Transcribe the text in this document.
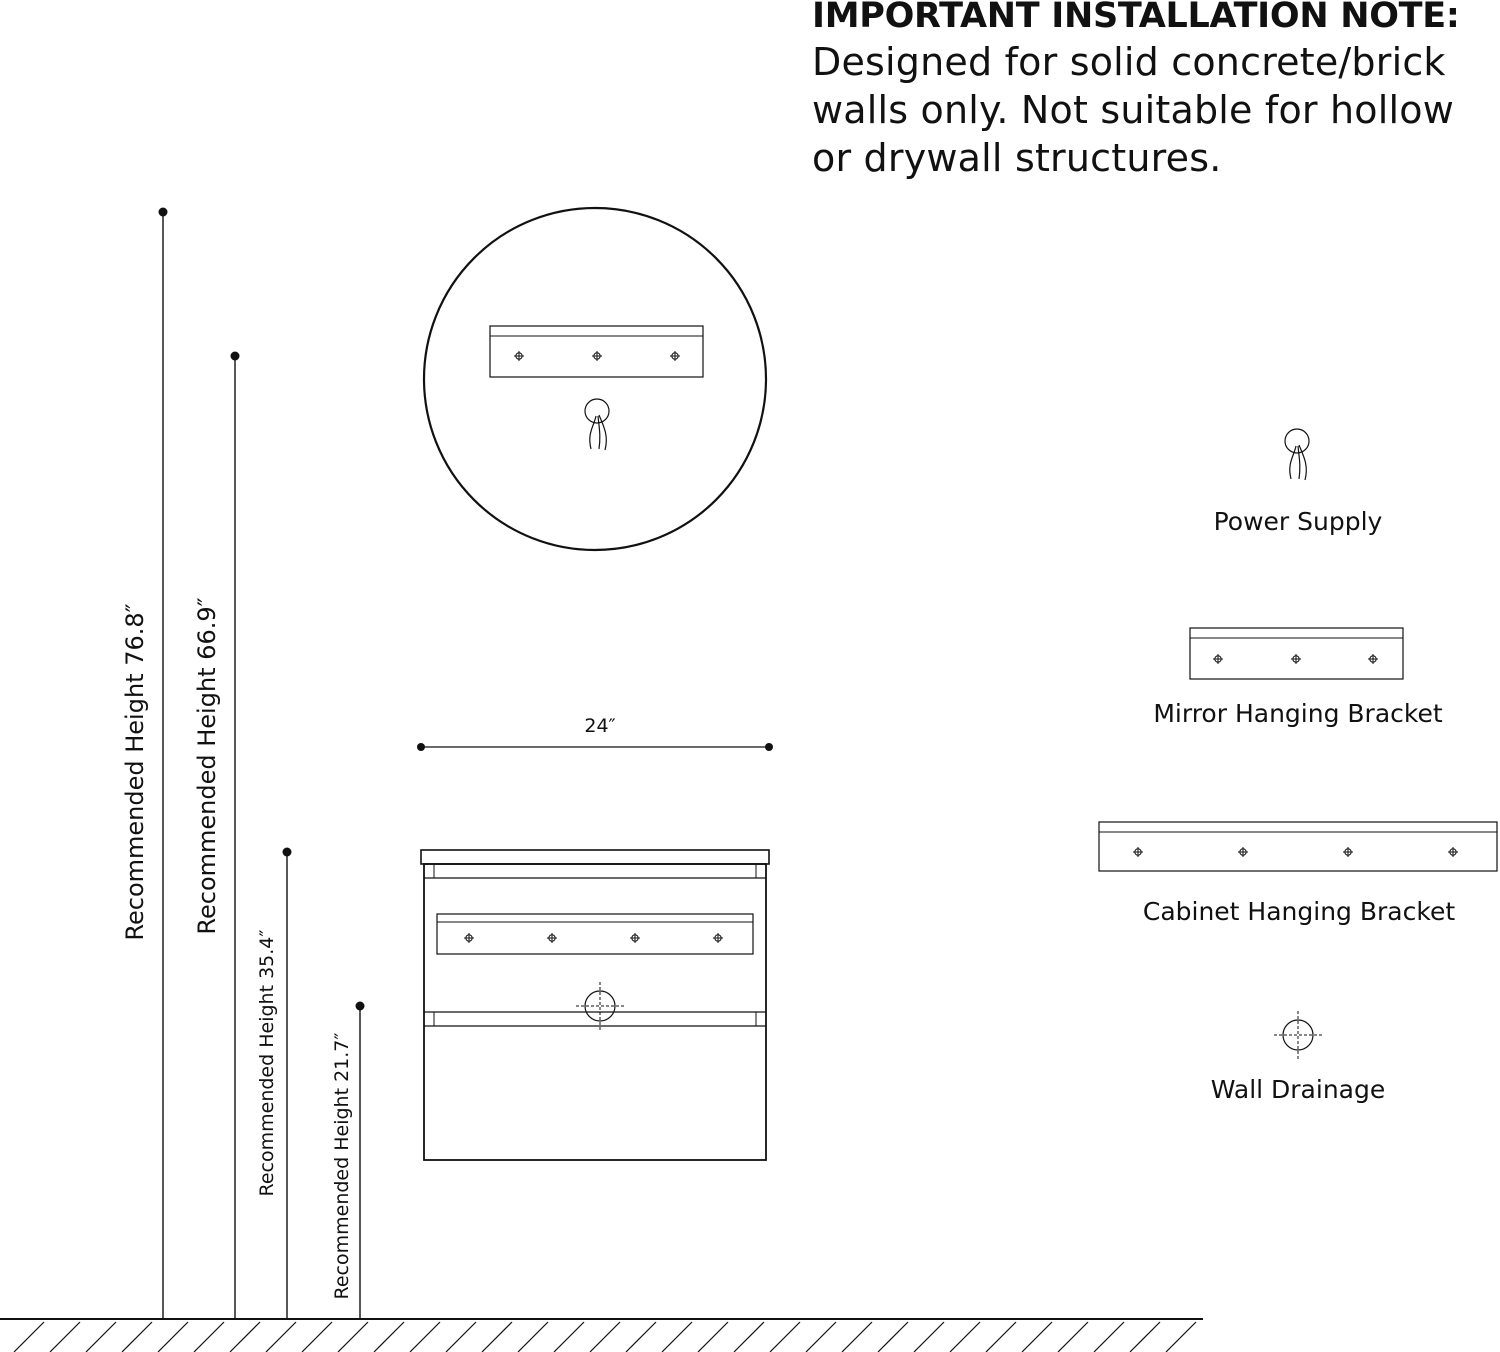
IMPORTANT INSTALLATION NOTE:
Designed for solid concrete/brick
walls only. Not suitable for hollow
or drywall structures.
Recommended Height 76.8″ Recommended Height 66.9″
Recommended Height 35.4″	Recommended Height 21.7″
24″
Power Supply
Mirror Hanging Bracket
Cabinet Hanging Bracket
Wall Drainage
